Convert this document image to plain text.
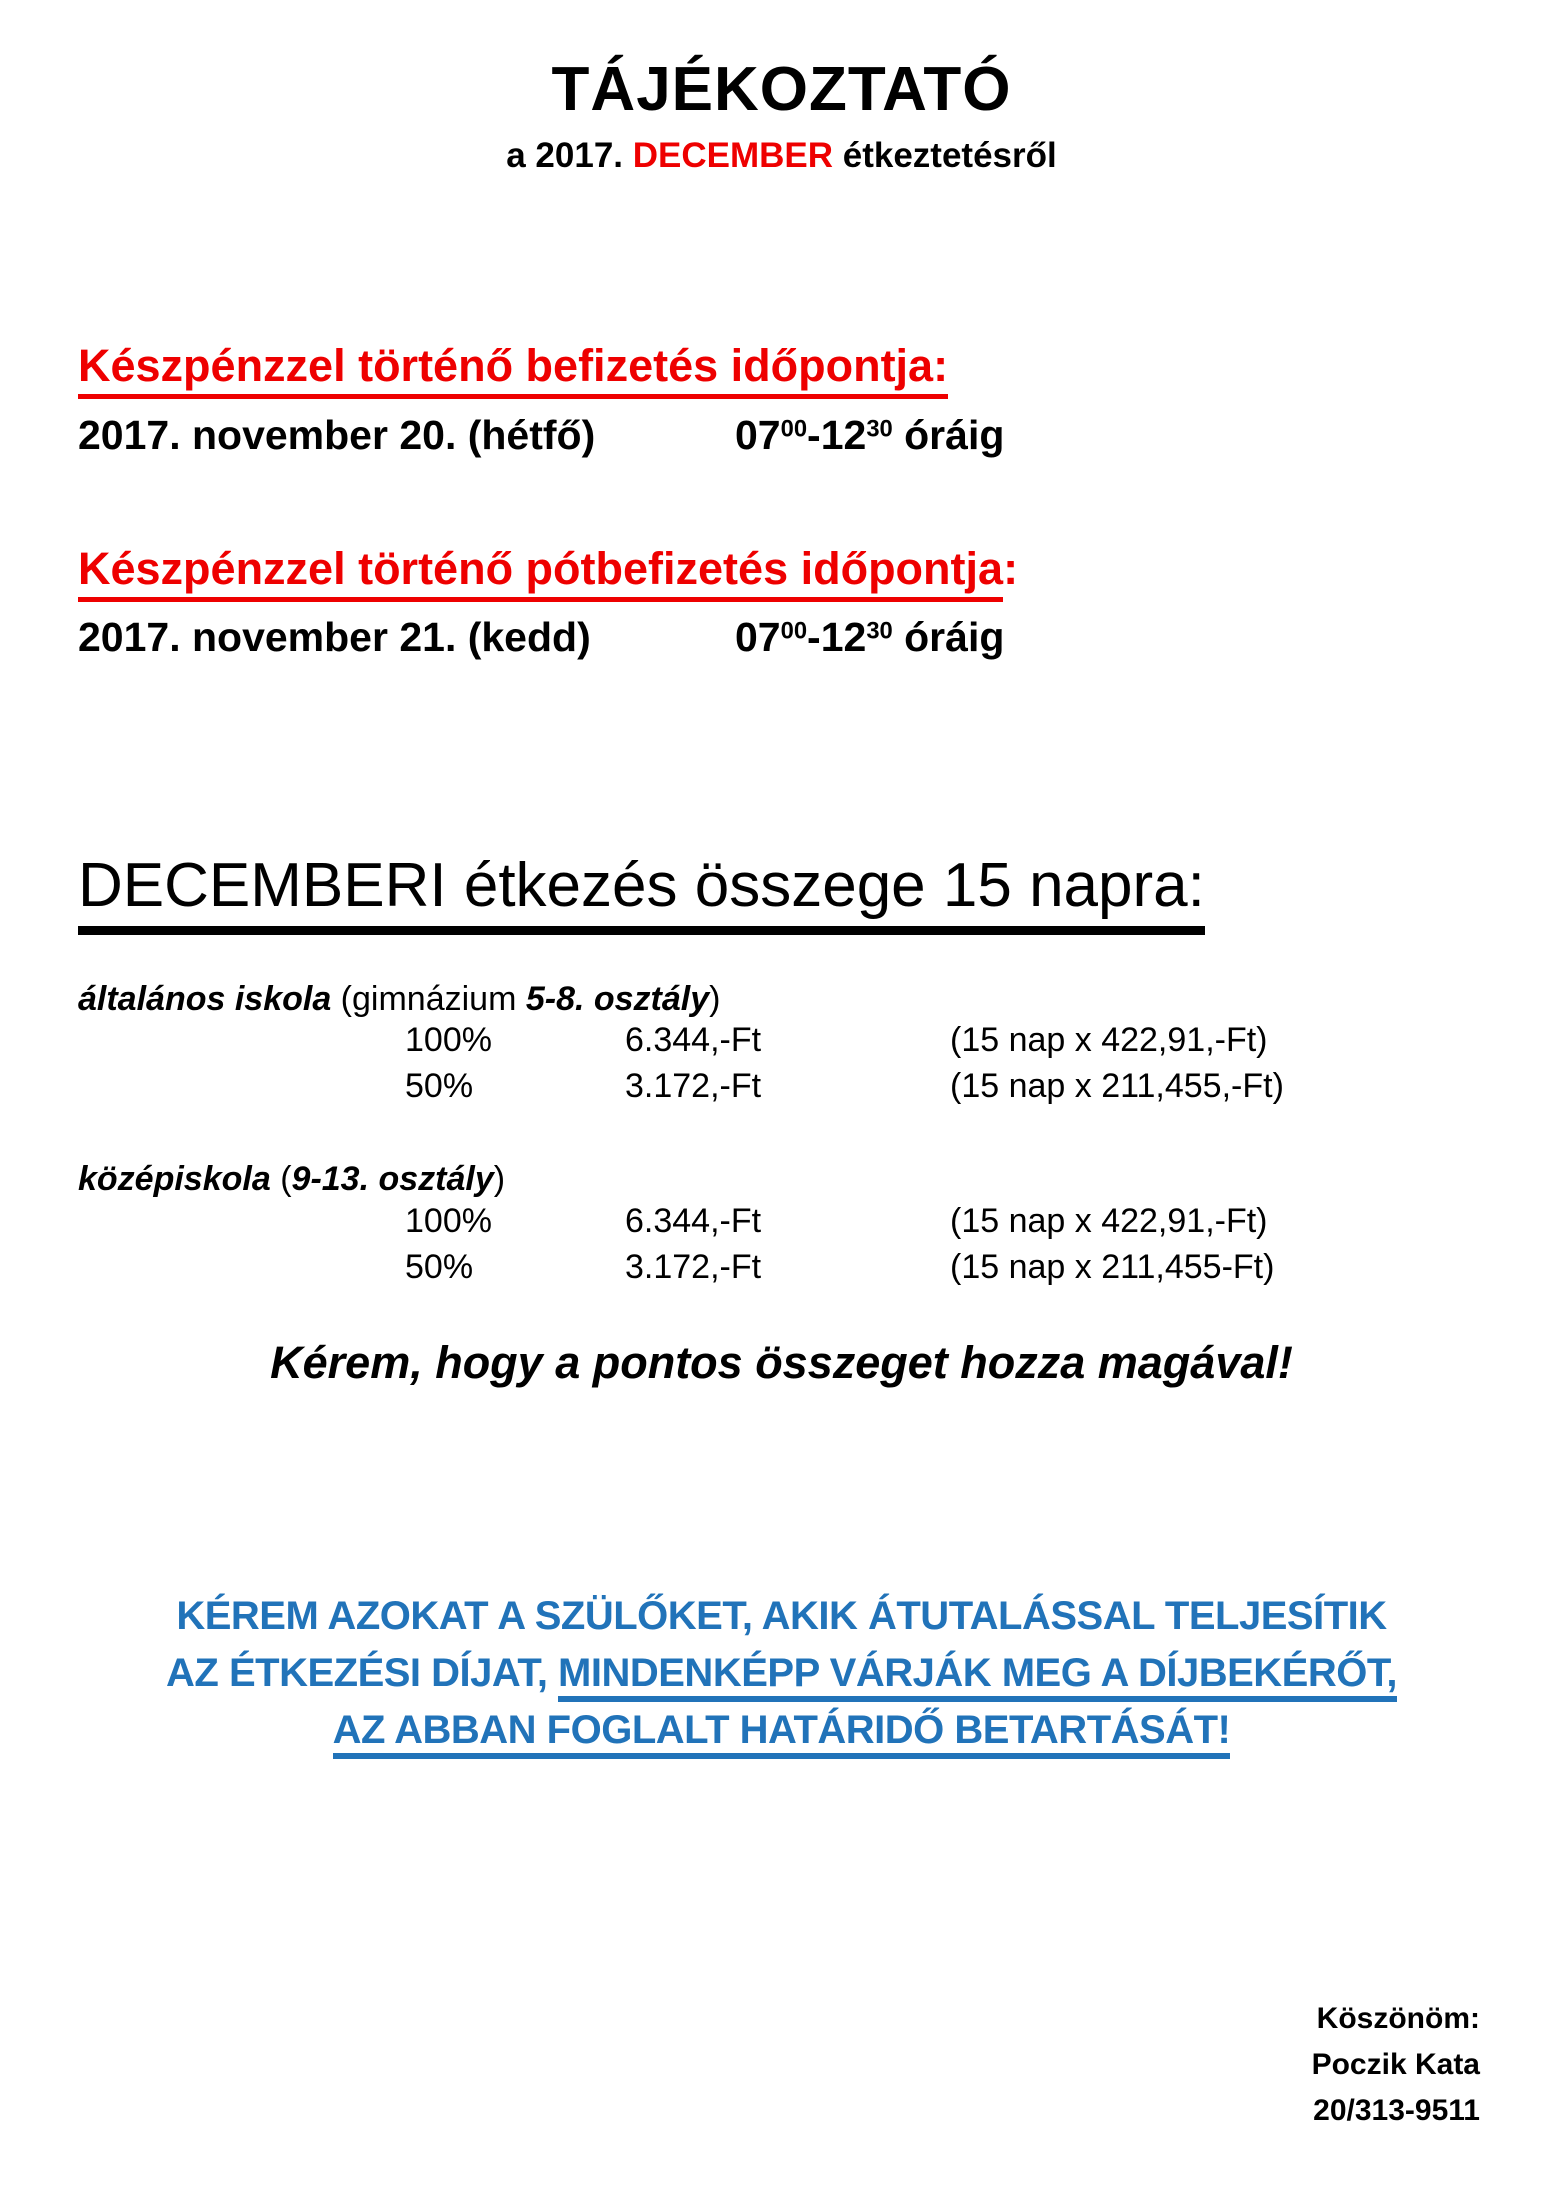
TÁJÉKOZTATÓ
a 2017. DECEMBER étkeztetésről
Készpénzzel történő befizetés időpontja:
2017. november 20. (hétfő)	$07^{00}-12^{30}$ óráig
Készpénzzel történő pótbefizetés időpontja:
2017. november 21. (kedd)	$07^{00}-12^{30}$ óráig
DECEMBERI étkezés összege 15 napra:
általános iskola (gimnázium 5-8. osztály)
100%	6.344,-Ft	(15 nap x 422,91,-Ft)
50%	3.172,-Ft	(15 nap x 211,455,-Ft)
középiskola (9-13. osztály)
100%	6.344,-Ft	(15 nap x 422,91,-Ft)
50%	3.172,-Ft	(15 nap x 211,455-Ft)
Kérem, hogy a pontos összeget hozza magával!
KÉREM AZOKAT A SZÜLŐKET, AKIK ÁTUTALÁSSAL TELJESÍTIK
AZ ÉTKEZÉSI DÍJAT, MINDENKÉPP VÁRJÁK MEG A DÍJBEKÉRŐT,
AZ ABBAN FOGLALT HATÁRIDŐ BETARTÁSÁT!
Köszönöm:
Poczik Kata
20/313-9511
